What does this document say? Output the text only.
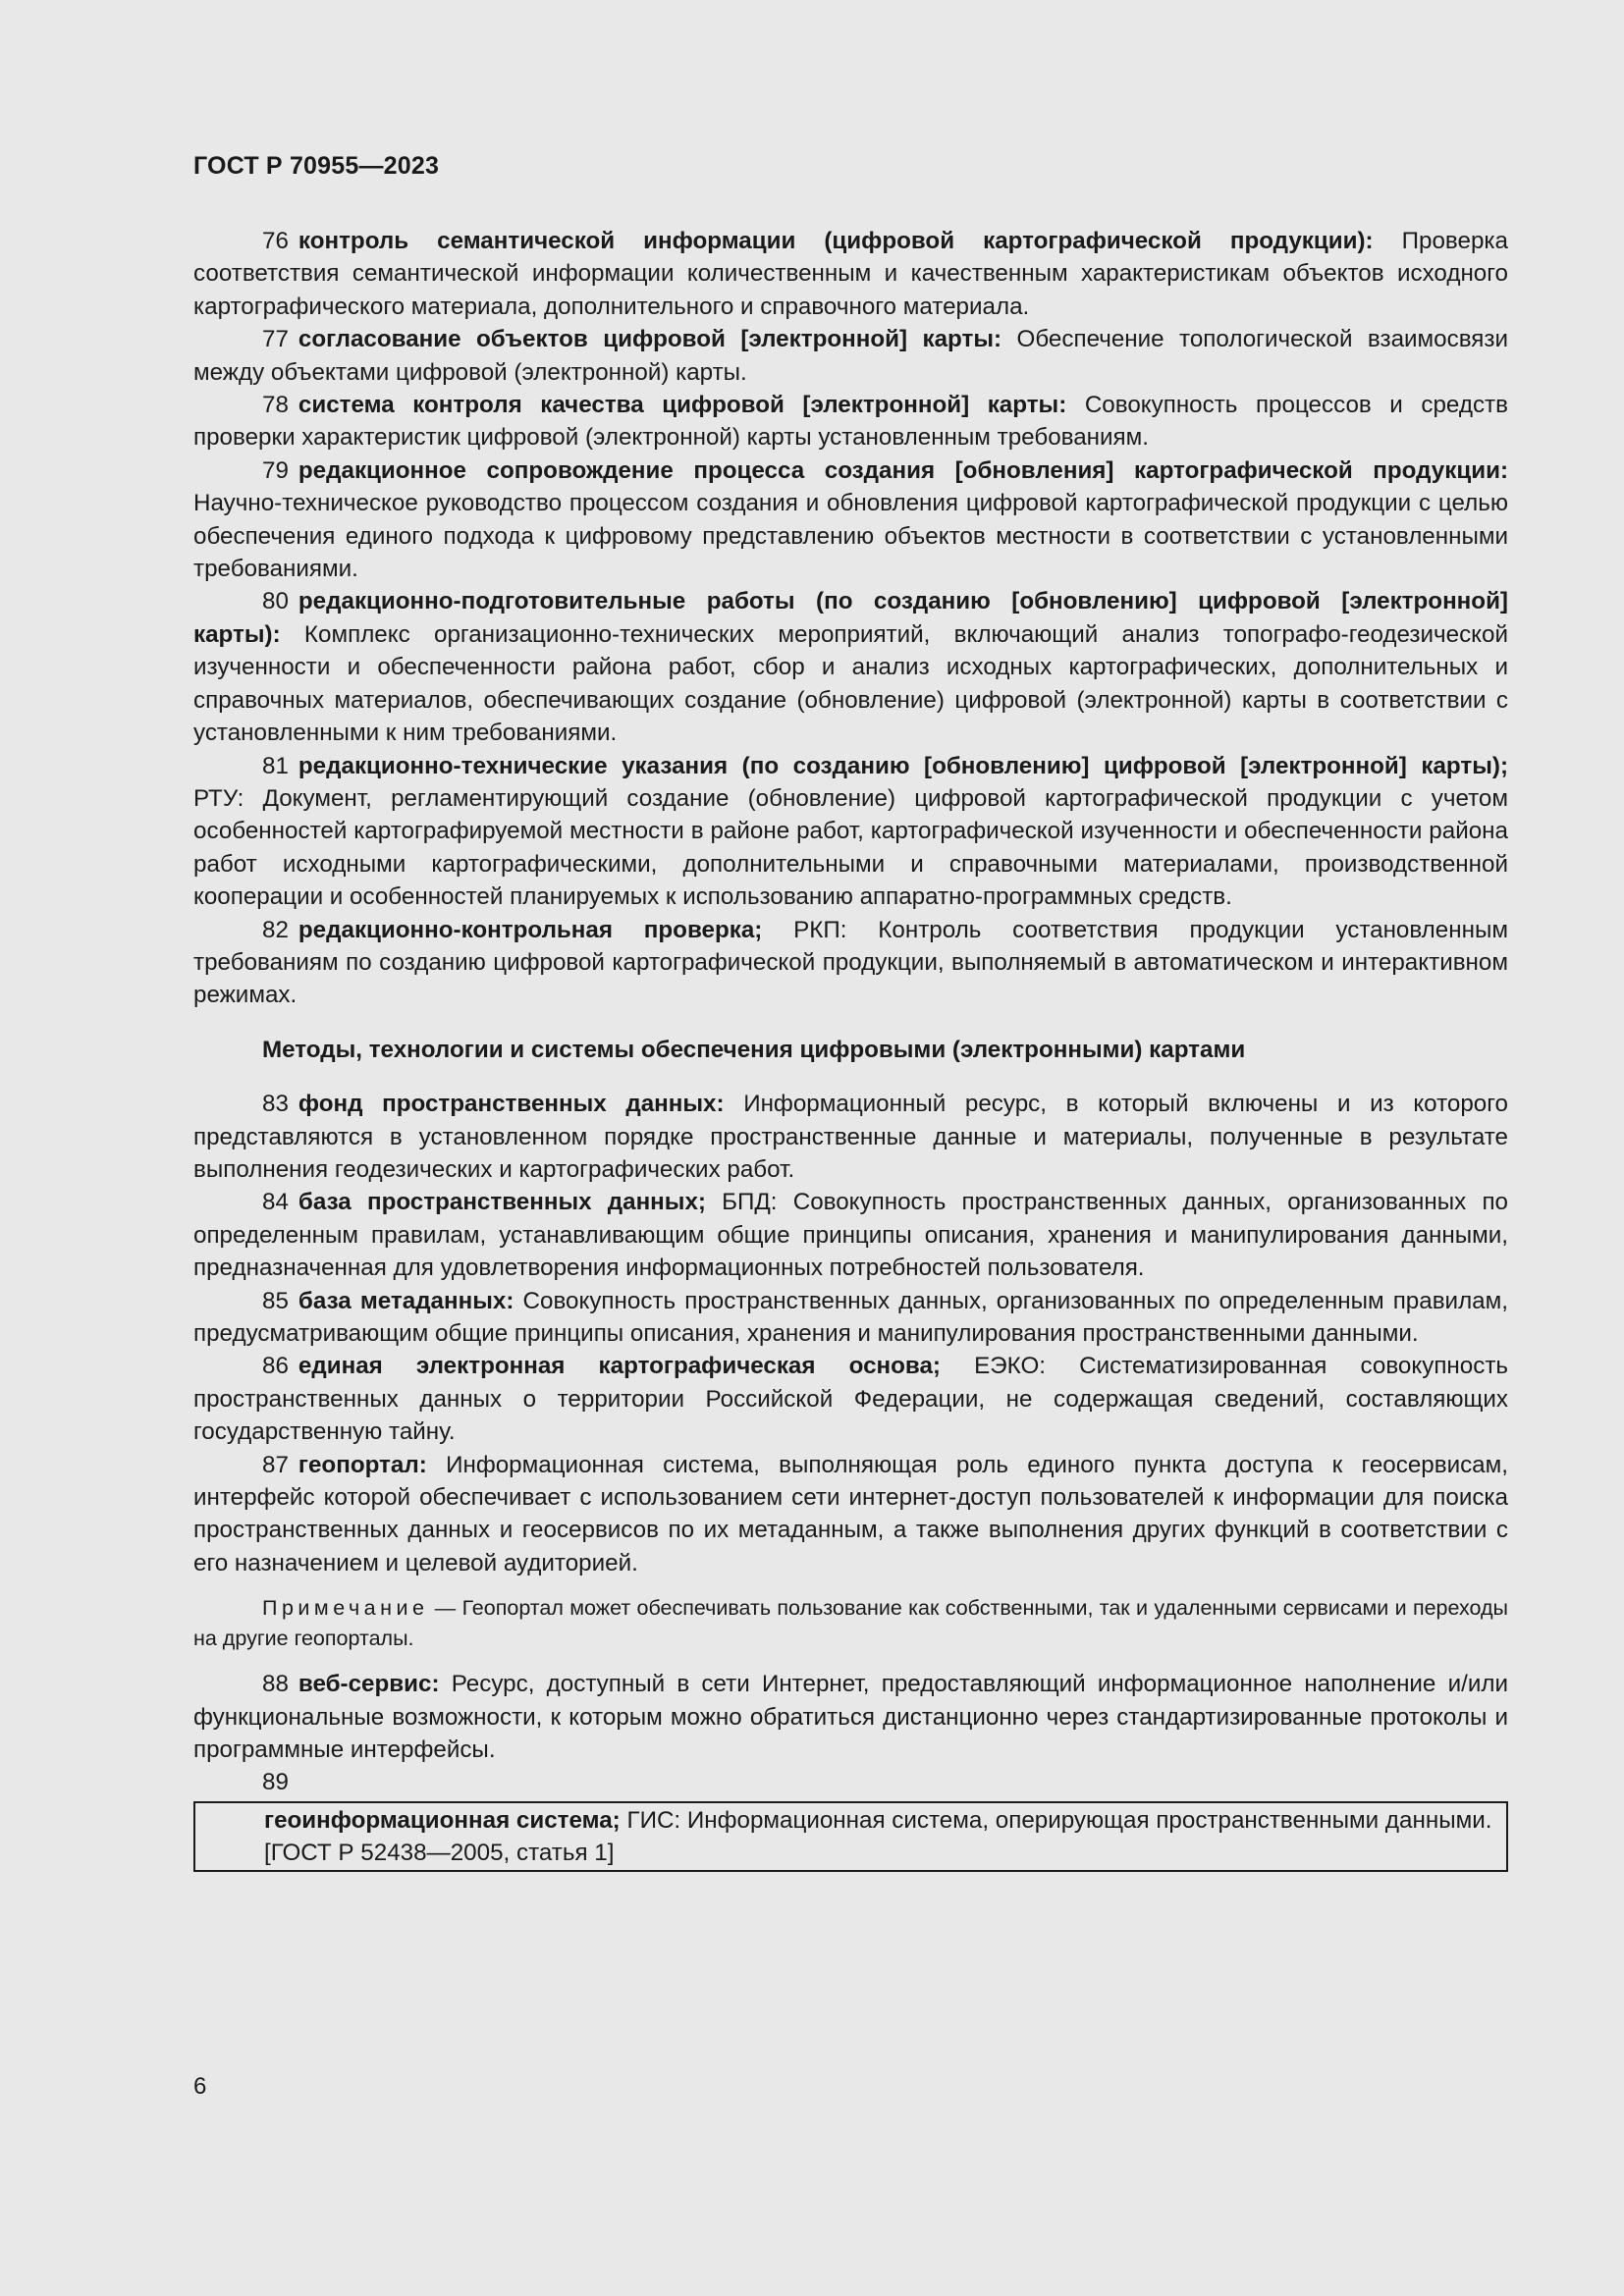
ГОСТ Р 70955—2023

76 контроль семантической информации (цифровой картографической продукции): Проверка соответствия семантической информации количественным и качественным характеристикам объектов исходного картографического материала, дополнительного и справочного материала.

77 согласование объектов цифровой [электронной] карты: Обеспечение топологической взаимосвязи между объектами цифровой (электронной) карты.

78 система контроля качества цифровой [электронной] карты: Совокупность процессов и средств проверки характеристик цифровой (электронной) карты установленным требованиям.

79 редакционное сопровождение процесса создания [обновления] картографической продукции: Научно-техническое руководство процессом создания и обновления цифровой картографической продукции с целью обеспечения единого подхода к цифровому представлению объектов местности в соответствии с установленными требованиями.

80 редакционно-подготовительные работы (по созданию [обновлению] цифровой [электронной] карты): Комплекс организационно-технических мероприятий, включающий анализ топографо-геодезической изученности и обеспеченности района работ, сбор и анализ исходных картографических, дополнительных и справочных материалов, обеспечивающих создание (обновление) цифровой (электронной) карты в соответствии с установленными к ним требованиями.

81 редакционно-технические указания (по созданию [обновлению] цифровой [электронной] карты); РТУ: Документ, регламентирующий создание (обновление) цифровой картографической продукции с учетом особенностей картографируемой местности в районе работ, картографической изученности и обеспеченности района работ исходными картографическими, дополнительными и справочными материалами, производственной кооперации и особенностей планируемых к использованию аппаратно-программных средств.

82 редакционно-контрольная проверка; РКП: Контроль соответствия продукции установленным требованиям по созданию цифровой картографической продукции, выполняемый в автоматическом и интерактивном режимах.

Методы, технологии и системы обеспечения цифровыми (электронными) картами

83 фонд пространственных данных: Информационный ресурс, в который включены и из которого представляются в установленном порядке пространственные данные и материалы, полученные в результате выполнения геодезических и картографических работ.

84 база пространственных данных; БПД: Совокупность пространственных данных, организованных по определенным правилам, устанавливающим общие принципы описания, хранения и манипулирования данными, предназначенная для удовлетворения информационных потребностей пользователя.

85 база метаданных: Совокупность пространственных данных, организованных по определенным правилам, предусматривающим общие принципы описания, хранения и манипулирования пространственными данными.

86 единая электронная картографическая основа; ЕЭКО: Систематизированная совокупность пространственных данных о территории Российской Федерации, не содержащая сведений, составляющих государственную тайну.

87 геопортал: Информационная система, выполняющая роль единого пункта доступа к геосервисам, интерфейс которой обеспечивает с использованием сети интернет-доступ пользователей к информации для поиска пространственных данных и геосервисов по их метаданным, а также выполнения других функций в соответствии с его назначением и целевой аудиторией.

Примечание — Геопортал может обеспечивать пользование как собственными, так и удаленными сервисами и переходы на другие геопорталы.

88 веб-сервис: Ресурс, доступный в сети Интернет, предоставляющий информационное наполнение и/или функциональные возможности, к которым можно обратиться дистанционно через стандартизированные протоколы и программные интерфейсы.

89

геоинформационная система; ГИС: Информационная система, оперирующая пространственными данными.

[ГОСТ Р 52438—2005, статья 1]

6
